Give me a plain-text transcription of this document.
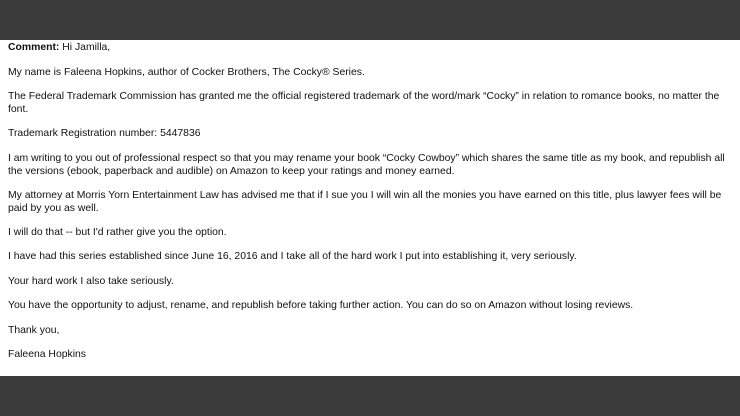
Comment: Hi Jamilla,
My name is Faleena Hopkins, author of Cocker Brothers, The Cocky® Series.
The Federal Trademark Commission has granted me the official registered trademark of the word/mark “Cocky” in relation to romance books, no matter the font.
Trademark Registration number: 5447836
I am writing to you out of professional respect so that you may rename your book “Cocky Cowboy” which shares the same title as my book, and republish all the versions (ebook, paperback and audible) on Amazon to keep your ratings and money earned.
My attorney at Morris Yorn Entertainment Law has advised me that if I sue you I will win all the monies you have earned on this title, plus lawyer fees will be paid by you as well.
I will do that -- but I'd rather give you the option.
I have had this series established since June 16, 2016 and I take all of the hard work I put into establishing it, very seriously.
Your hard work I also take seriously.
You have the opportunity to adjust, rename, and republish before taking further action. You can do so on Amazon without losing reviews.
Thank you,
Faleena Hopkins
